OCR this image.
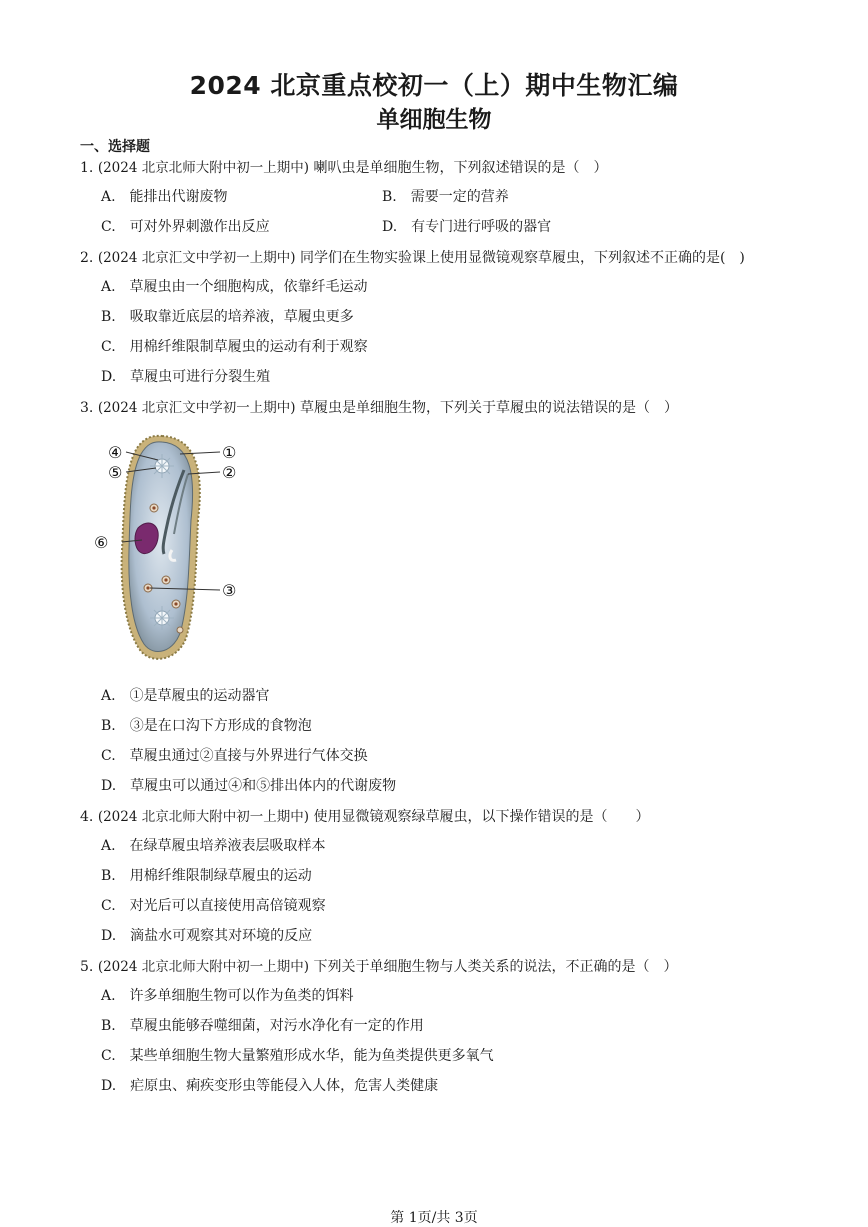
2024 北京重点校初一（上）期中生物汇编
单细胞生物
一、选择题
1. (2024 北京北师大附中初一上期中) 喇叭虫是单细胞生物，下列叙述错误的是（　）
A.　能排出代谢废物	B.　需要一定的营养
C.　可对外界刺激作出反应	D.　有专门进行呼吸的器官
2. (2024 北京汇文中学初一上期中) 同学们在生物实验课上使用显微镜观察草履虫，下列叙述不正确的是(　)
A.　草履虫由一个细胞构成，依靠纤毛运动
B.　吸取靠近底层的培养液，草履虫更多
C.　用棉纤维限制草履虫的运动有利于观察
D.　草履虫可进行分裂生殖
3. (2024 北京汇文中学初一上期中) 草履虫是单细胞生物，下列关于草履虫的说法错误的是（　）
④
⑤
①
②
⑥
③
A.　①是草履虫的运动器官
B.　③是在口沟下方形成的食物泡
C.　草履虫通过②直接与外界进行气体交换
D.　草履虫可以通过④和⑤排出体内的代谢废物
4. (2024 北京北师大附中初一上期中) 使用显微镜观察绿草履虫，以下操作错误的是（　　）
A.　在绿草履虫培养液表层吸取样本
B.　用棉纤维限制绿草履虫的运动
C.　对光后可以直接使用高倍镜观察
D.　滴盐水可观察其对环境的反应
5. (2024 北京北师大附中初一上期中) 下列关于单细胞生物与人类关系的说法，不正确的是（　）
A.　许多单细胞生物可以作为鱼类的饵料
B.　草履虫能够吞噬细菌，对污水净化有一定的作用
C.　某些单细胞生物大量繁殖形成水华，能为鱼类提供更多氧气
D.　疟原虫、痢疾变形虫等能侵入人体，危害人类健康
第 1页/共 3页
